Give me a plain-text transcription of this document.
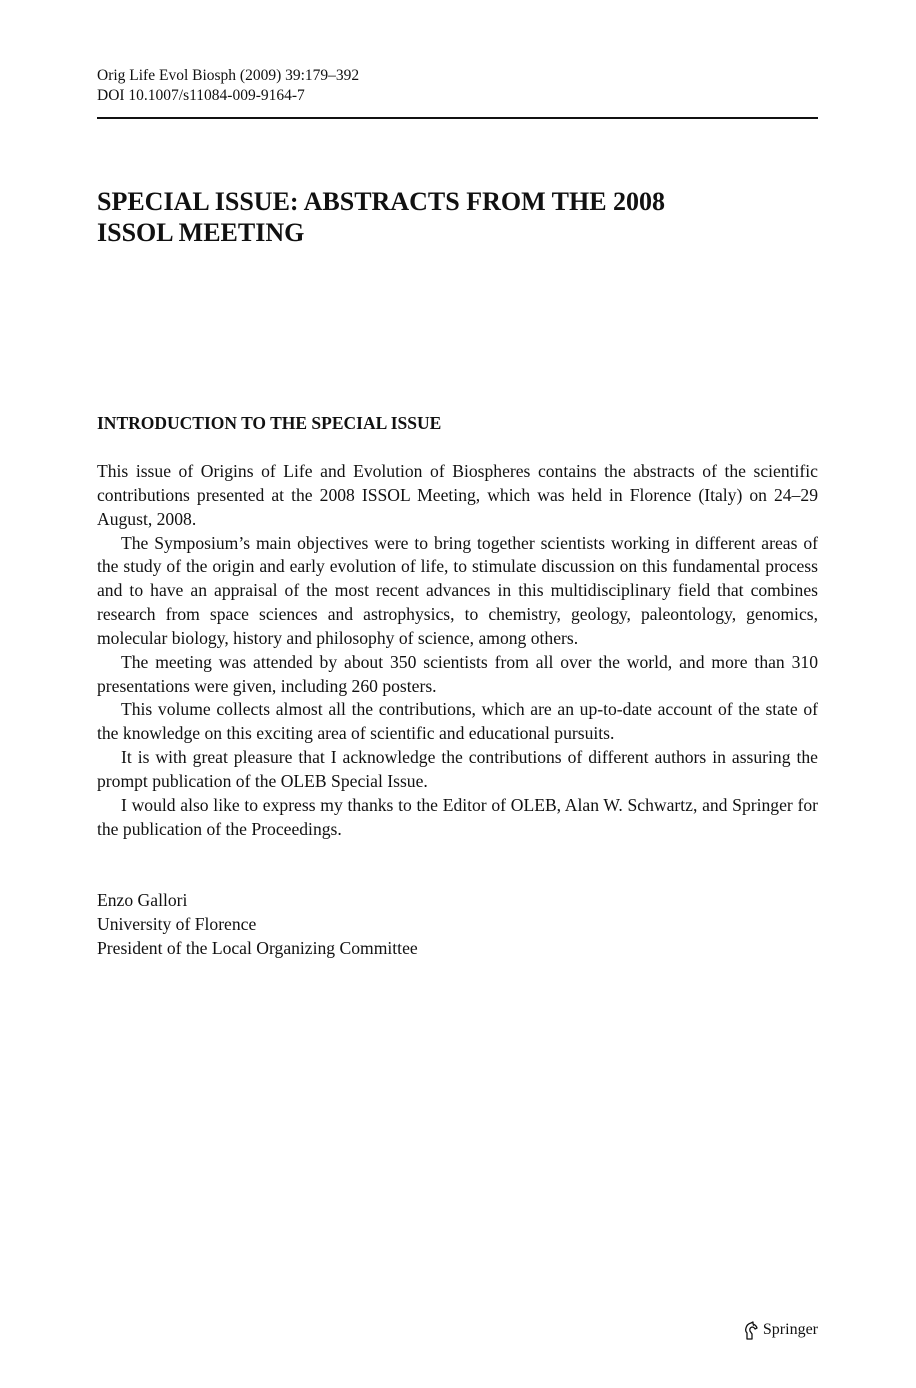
Orig Life Evol Biosph (2009) 39:179–392
DOI 10.1007/s11084-009-9164-7
SPECIAL ISSUE: ABSTRACTS FROM THE 2008
ISSOL MEETING
INTRODUCTION TO THE SPECIAL ISSUE

This issue of Origins of Life and Evolution of Biospheres contains the abstracts of the scientific contributions presented at the 2008 ISSOL Meeting, which was held in Florence (Italy) on 24–29 August, 2008.

The Symposium’s main objectives were to bring together scientists working in different areas of the study of the origin and early evolution of life, to stimulate discussion on this fundamental process and to have an appraisal of the most recent advances in this multidisciplinary field that combines research from space sciences and astrophysics, to chemistry, geology, paleontology, genomics, molecular biology, history and philosophy of science, among others.

The meeting was attended by about 350 scientists from all over the world, and more than 310 presentations were given, including 260 posters.

This volume collects almost all the contributions, which are an up-to-date account of the state of the knowledge on this exciting area of scientific and educational pursuits.

It is with great pleasure that I acknowledge the contributions of different authors in assuring the prompt publication of the OLEB Special Issue.

I would also like to express my thanks to the Editor of OLEB, Alan W. Schwartz, and Springer for the publication of the Proceedings.

Enzo Gallori
University of Florence
President of the Local Organizing Committee
Springer
